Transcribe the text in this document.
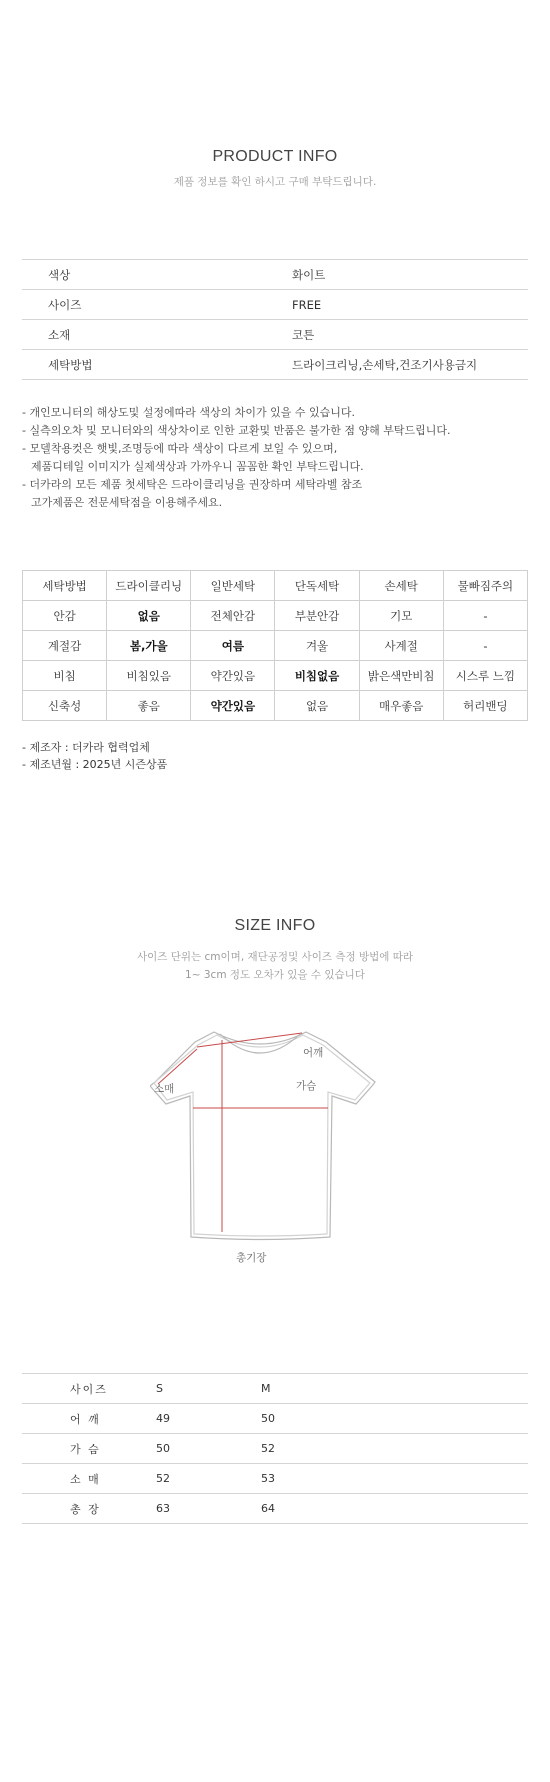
PRODUCT INFO
제품 정보를 확인 하시고 구매 부탁드립니다.
색상	화이트
사이즈	FREE
소재	코튼
세탁방법	드라이크리닝,손세탁,건조기사용금지
- 개인모니터의 해상도및 설정에따라 색상의 차이가 있을 수 있습니다.
- 실측의오차 및 모니터와의 색상차이로 인한 교환및 반품은 불가한 점 양해 부탁드립니다.
- 모델착용컷은 햇빛,조명등에 따라 색상이 다르게 보일 수 있으며,
제품디테일 이미지가 실제색상과 가까우니 꼼꼼한 확인 부탁드립니다.
- 더카라의 모든 제품 첫세탁은 드라이클리닝을 권장하며 세탁라벨 참조
고가제품은 전문세탁점을 이용해주세요.
세탁방법	드라이클리닝	일반세탁	단독세탁	손세탁	물빠짐주의
안감	없음	전체안감	부분안감	기모	-
계절감	봄,가을	여름	겨울	사계절	-
비침	비침있음	약간있음	비침없음	밝은색만비침	시스루 느낌
신축성	좋음	약간있음	없음	매우좋음	허리밴딩
- 제조자 : 더카라 협력업체
- 제조년월 : 2025년 시즌상품
SIZE INFO
사이즈 단위는 cm이며, 재단공정및 사이즈 측정 방법에 따라
1~ 3cm 정도 오차가 있을 수 있습니다
어깨
가슴
소매
총기장
사이즈	S	M
어 깨	49	50
가 슴	50	52
소 매	52	53
총 장	63	64
